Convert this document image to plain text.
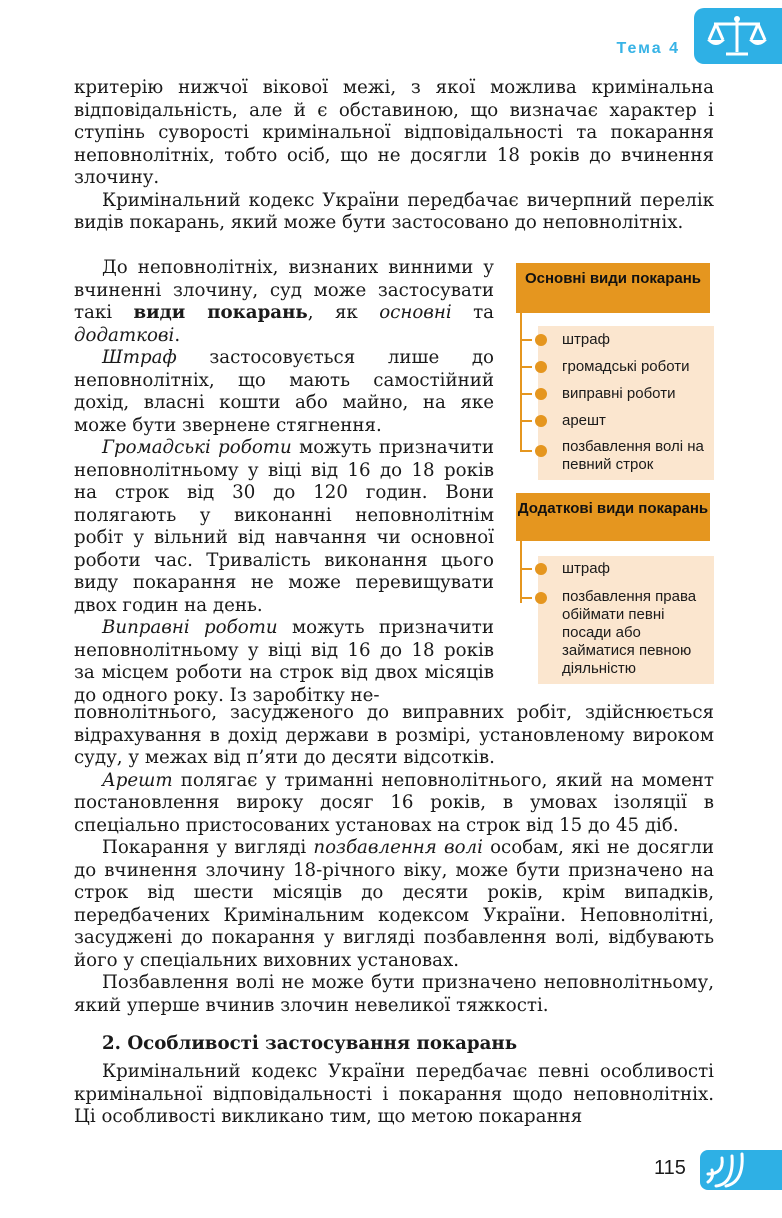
Тема 4

критерію нижчої вікової межі, з якої можлива кримінальна відповідальність, але й є обставиною, що визначає характер і ступінь суворості кримінальної відповідальності та покарання неповнолітніх, тобто осіб, що не досягли 18 років до вчинення злочину.

Кримінальний кодекс України передбачає вичерпний перелік видів покарань, який може бути застосовано до неповнолітніх.

До неповнолітніх, визнаних винними у вчиненні злочину, суд може застосувати такі види покарань, як основні та додаткові.

Штраф застосовується лише до неповнолітніх, що мають самостійний дохід, власні кошти або майно, на яке може бути звернене стягнення.

Громадські роботи можуть призначити неповнолітньому у віці від 16 до 18 років на строк від 30 до 120 годин. Вони полягають у виконанні неповнолітнім робіт у вільний від навчання чи основної роботи час. Тривалість виконання цього виду покарання не може перевищувати двох годин на день.

Виправні роботи можуть призначити неповнолітньому у віці від 16 до 18 років за місцем роботи на строк від двох місяців до одного року. Із заробітку не-

повнолітнього, засудженого до виправних робіт, здійснюється відрахування в дохід держави в розмірі, установленому вироком суду, у межах від п’яти до десяти відсотків.

Арешт полягає у триманні неповнолітнього, який на момент постановлення вироку досяг 16 років, в умовах ізоляції в спеціально пристосованих установах на строк від 15 до 45 діб.

Покарання у вигляді позбавлення волі особам, які не досягли до вчинення злочину 18-річного віку, може бути призначено на строк від шести місяців до десяти років, крім випадків, передбачених Кримінальним кодексом України. Неповнолітні, засуджені до покарання у вигляді позбавлення волі, відбувають його у спеціальних виховних установах.

Позбавлення волі не може бути призначено неповнолітньому, який уперше вчинив злочин невеликої тяжкості.

2. Особливості застосування покарань

Кримінальний кодекс України передбачає певні особливості кримінальної відповідальності і покарання щодо неповнолітніх. Ці особливості викликано тим, що метою покарання

Основні види покарань
штраф
громадські роботи
виправні роботи
арешт
позбавлення волі на певний строк
Додаткові види покарань
штраф
позбавлення права обіймати певні посади або займатися певною діяльністю
115
